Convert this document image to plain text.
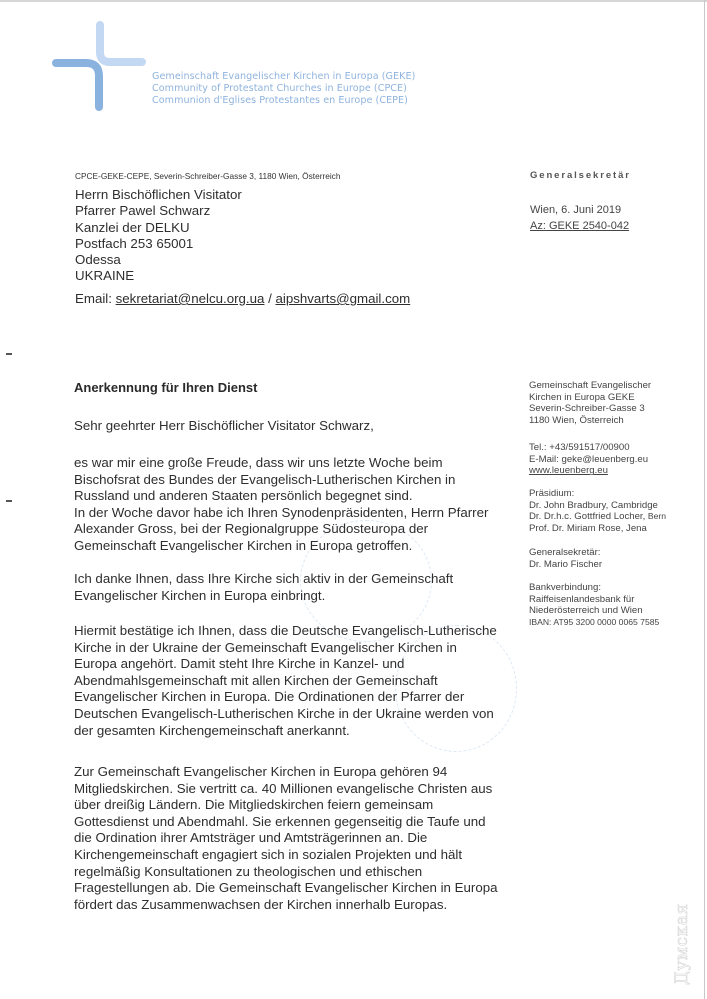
Gemeinschaft Evangelischer Kirchen in Europa (GEKE)
Community of Protestant Churches in Europe (CPCE)
Communion d'Eglises Protestantes en Europe (CEPE)
CPCE-GEKE-CEPE, Severin-Schreiber-Gasse 3, 1180 Wien, Österreich
Herrn Bischöflichen Visitator
Pfarrer Pawel Schwarz
Kanzlei der DELKU
Postfach 253 65001
Odessa
UKRAINE
Email: sekretariat@nelcu.org.ua / aipshvarts@gmail.com
Generalsekretär
Wien, 6. Juni 2019
Az: GEKE 2540-042
Anerkennung für Ihren Dienst
Sehr geehrter Herr Bischöflicher Visitator Schwarz,
es war mir eine große Freude, dass wir uns letzte Woche beim
Bischofsrat des Bundes der Evangelisch-Lutherischen Kirchen in
Russland und anderen Staaten persönlich begegnet sind.
In der Woche davor habe ich Ihren Synodenpräsidenten, Herrn Pfarrer
Alexander Gross, bei der Regionalgruppe Südosteuropa der
Gemeinschaft Evangelischer Kirchen in Europa getroffen.
Ich danke Ihnen, dass Ihre Kirche sich aktiv in der Gemeinschaft
Evangelischer Kirchen in Europa einbringt.
Hiermit bestätige ich Ihnen, dass die Deutsche Evangelisch-Lutherische
Kirche in der Ukraine der Gemeinschaft Evangelischer Kirchen in
Europa angehört. Damit steht Ihre Kirche in Kanzel- und
Abendmahlsgemeinschaft mit allen Kirchen der Gemeinschaft
Evangelischer Kirchen in Europa. Die Ordinationen der Pfarrer der
Deutschen Evangelisch-Lutherischen Kirche in der Ukraine werden von
der gesamten Kirchengemeinschaft anerkannt.
Zur Gemeinschaft Evangelischer Kirchen in Europa gehören 94
Mitgliedskirchen. Sie vertritt ca. 40 Millionen evangelische Christen aus
über dreißig Ländern. Die Mitgliedskirchen feiern gemeinsam
Gottesdienst und Abendmahl. Sie erkennen gegenseitig die Taufe und
die Ordination ihrer Amtsträger und Amtsträgerinnen an. Die
Kirchengemeinschaft engagiert sich in sozialen Projekten und hält
regelmäßig Konsultationen zu theologischen und ethischen
Fragestellungen ab. Die Gemeinschaft Evangelischer Kirchen in Europa
fördert das Zusammenwachsen der Kirchen innerhalb Europas.
Gemeinschaft Evangelischer
Kirchen in Europa GEKE
Severin-Schreiber-Gasse 3
1180 Wien, Österreich
Tel.: +43/591517/00900
E-Mail: geke@leuenberg.eu
www.leuenberg.eu
Präsidium:
Dr. John Bradbury, Cambridge
Dr. Dr.h.c. Gottfried Locher, Bern
Prof. Dr. Miriam Rose, Jena
Generalsekretär:
Dr. Mario Fischer
Bankverbindung:
Raiffeisenlandesbank für
Niederösterreich und Wien
IBAN: AT95 3200 0000 0065 7585
Думская
